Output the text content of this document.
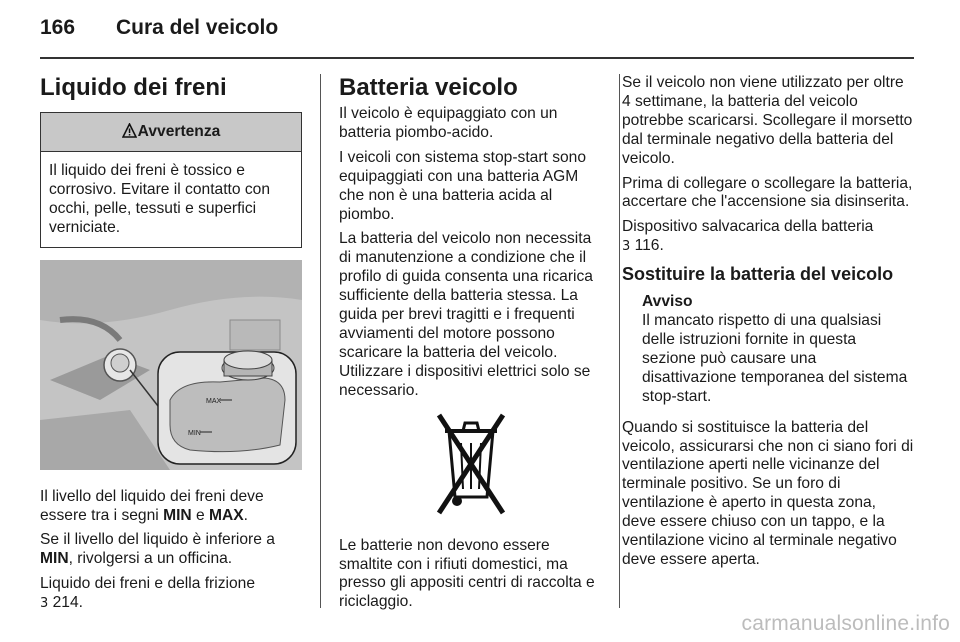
166 Cura del veicolo
Liquido dei freni
Avvertenza
Il liquido dei freni è tossico e corrosivo. Evitare il contatto con occhi, pelle, tessuti e superfici verniciate.
MAX
MIN

Il livello del liquido dei freni deve essere tra i segni MIN e MAX.

Se il livello del liquido è inferiore a MIN, rivolgersi a un officina.

Liquido dei freni e della frizione
3 214.

Batteria veicolo

Il veicolo è equipaggiato con un batteria piombo-acido.

I veicoli con sistema stop-start sono equipaggiati con una batteria AGM che non è una batteria acida al piombo.

La batteria del veicolo non necessita di manutenzione a condizione che il profilo di guida consenta una ricarica sufficiente della batteria stessa. La guida per brevi tragitti e i frequenti avviamenti del motore possono scaricare la batteria del veicolo. Utilizzare i dispositivi elettrici solo se necessario.

Le batterie non devono essere smaltite con i rifiuti domestici, ma presso gli appositi centri di raccolta e riciclaggio.

Se il veicolo non viene utilizzato per oltre 4 settimane, la batteria del veicolo potrebbe scaricarsi. Scollegare il morsetto dal terminale negativo della batteria del veicolo.

Prima di collegare o scollegare la batteria, accertare che l'accensione sia disinserita.

Dispositivo salvacarica della batteria
3 116.

Sostituire la batteria del veicolo
Avviso

Il mancato rispetto di una qualsiasi delle istruzioni fornite in questa sezione può causare una disattivazione temporanea del sistema stop-start.

Quando si sostituisce la batteria del veicolo, assicurarsi che non ci siano fori di ventilazione aperti nelle vicinanze del terminale positivo. Se un foro di ventilazione è aperto in questa zona, deve essere chiuso con un tappo, e la ventilazione vicino al terminale negativo deve essere aperta.

carmanualsonline.info
